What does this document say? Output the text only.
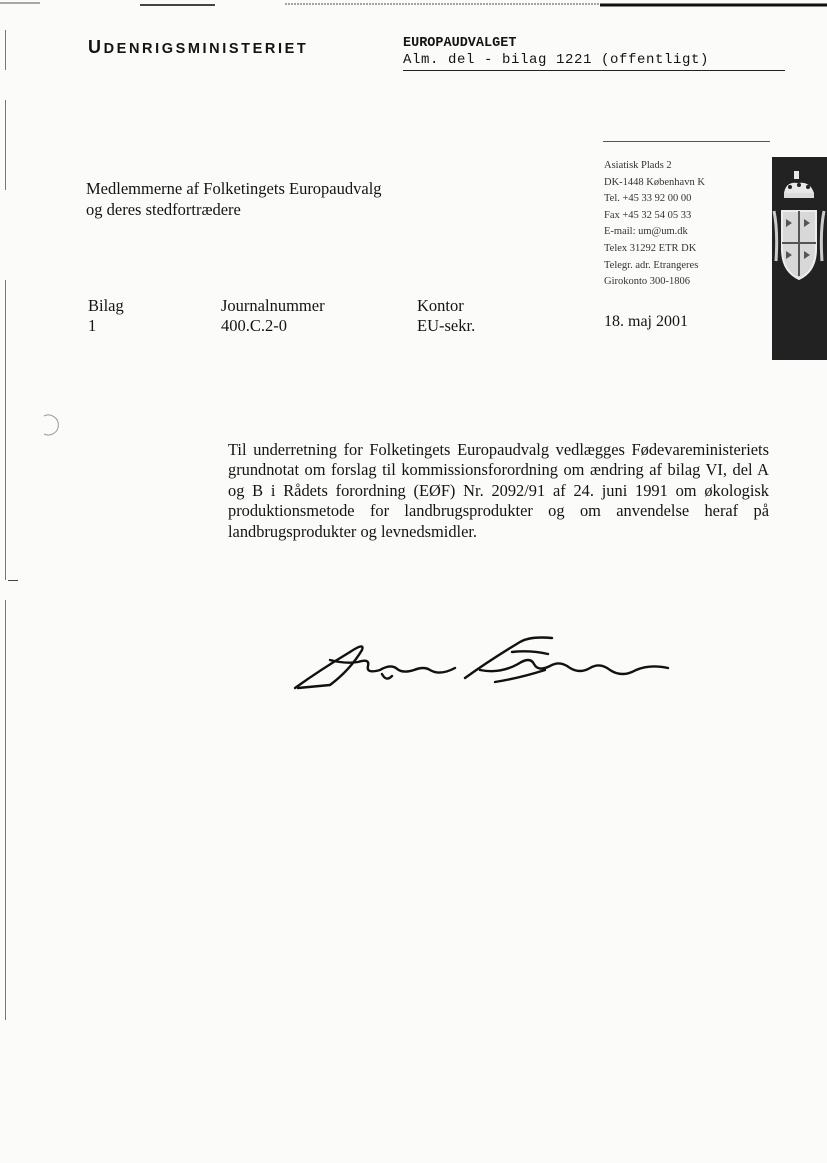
UDENRIGSMINISTERIET	EUROPAUDVALGET
Alm. del - bilag 1221 (offentligt)
Asiatisk Plads 2
DK-1448 København K
Tel. +45 33 92 00 00
Fax +45 32 54 05 33
E-mail: um@um.dk
Telex 31292 ETR DK
Telegr. adr. Etrangeres
Girokonto 300-1806
Medlemmerne af Folketingets Europaudvalg
og deres stedfortrædere
Bilag
1
Journalnummer
400.C.2-0
Kontor
EU-sekr.	18. maj 2001
Til underretning for Folketingets Europaudvalg vedlægges Fødevareministeriets grundnotat om forslag til kommissionsforordning om ændring af bilag VI, del A og B i Rådets forordning (EØF) Nr. 2092/91 af 24. juni 1991 om økologisk produktionsmetode for landbrugsprodukter og om anvendelse heraf på landbrugsprodukter og levnedsmidler.
